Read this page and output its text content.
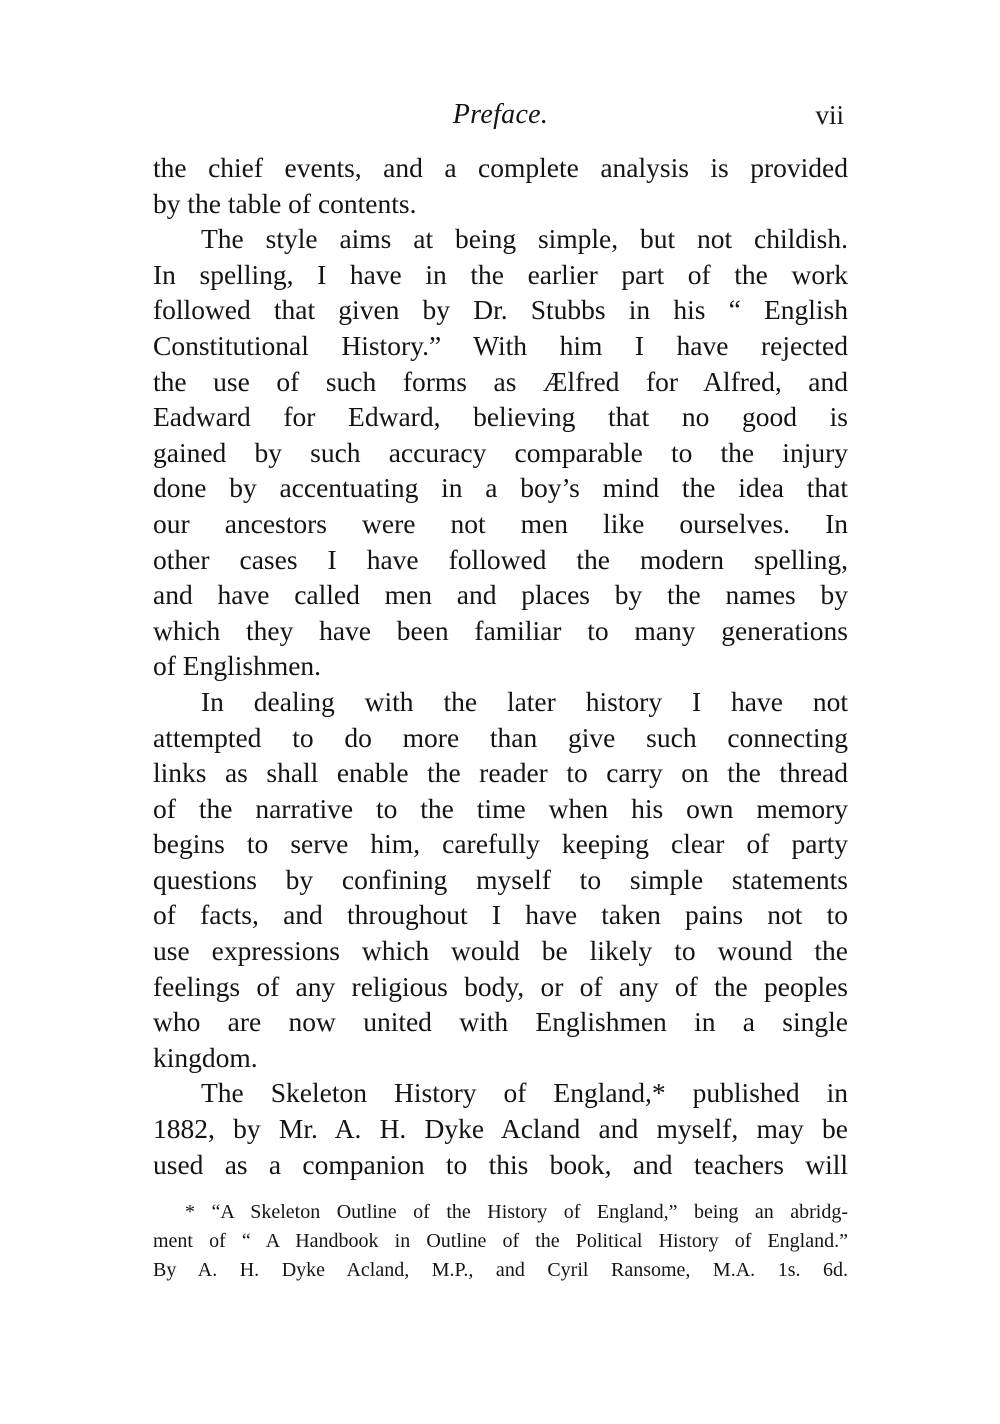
Preface.	vii
the chief events, and a complete analysis is provided
by the table of contents.
The style aims at being simple, but not childish.
In spelling, I have in the earlier part of the work
followed that given by Dr. Stubbs in his “ English
Constitutional History.” With him I have rejected
the use of such forms as Ælfred for Alfred, and
Eadward for Edward, believing that no good is
gained by such accuracy comparable to the injury
done by accentuating in a boy’s mind the idea that
our ancestors were not men like ourselves. In
other cases I have followed the modern spelling,
and have called men and places by the names by
which they have been familiar to many generations
of Englishmen.
In dealing with the later history I have not
attempted to do more than give such connecting
links as shall enable the reader to carry on the thread
of the narrative to the time when his own memory
begins to serve him, carefully keeping clear of party
questions by confining myself to simple statements
of facts, and throughout I have taken pains not to
use expressions which would be likely to wound the
feelings of any religious body, or of any of the peoples
who are now united with Englishmen in a single
kingdom.
The Skeleton History of England,* published in
1882, by Mr. A. H. Dyke Acland and myself, may be
used as a companion to this book, and teachers will
* “A Skeleton Outline of the History of England,” being an abridg-
ment of “ A Handbook in Outline of the Political History of England.”
By A. H. Dyke Acland, M.P., and Cyril Ransome, M.A. 1s. 6d.
